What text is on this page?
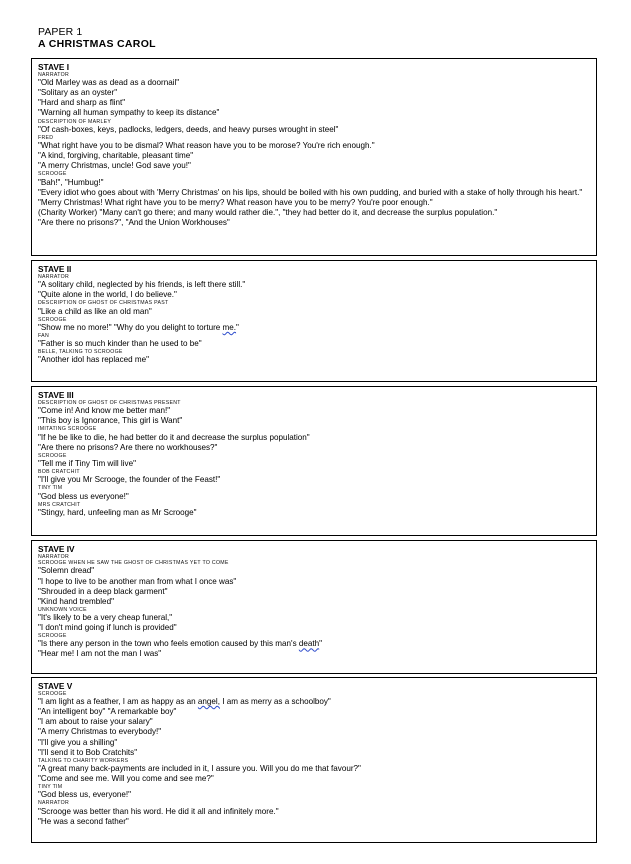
PAPER 1
A CHRISTMAS CAROL
STAVE I
NARRATOR
"Old Marley was as dead as a doornail"
"Solitary as an oyster"
"Hard and sharp as flint"
"Warning all human sympathy to keep its distance"
DESCRIPTION OF MARLEY
"Of cash-boxes, keys, padlocks, ledgers, deeds, and heavy purses wrought in steel"
FRED
"What right have you to be dismal? What reason have you to be morose? You're rich enough."
"A kind, forgiving, charitable, pleasant time"
"A merry Christmas, uncle! God save you!"
SCROOGE
"Bah!", "Humbug!"
"Every idiot who goes about with 'Merry Christmas' on his lips, should be boiled with his own pudding, and buried with a stake of holly through his heart."
"Merry Christmas! What right have you to be merry? What reason have you to be merry? You're poor enough."
(Charity Worker) "Many can't go there; and many would rather die.", "they had better do it, and decrease the surplus population."
"Are there no prisons?", "And the Union Workhouses"
STAVE II
NARRATOR
"A solitary child, neglected by his friends, is left there still."
"Quite alone in the world, I do believe."
DESCRIPTION OF GHOST OF CHRISTMAS PAST
"Like a child as like an old man"
SCROOGE
"Show me no more!" "Why do you delight to torture me."
FAN
"Father is so much kinder than he used to be"
BELLE, TALKING TO SCROOGE
"Another idol has replaced me"
STAVE III
DESCRIPTION OF GHOST OF CHRISTMAS PRESENT
"Come in! And know me better man!"
"This boy is Ignorance, This girl is Want"
IMITATING SCROOGE
"If he be like to die, he had better do it and decrease the surplus population"
"Are there no prisons? Are there no workhouses?"
SCROOGE
"Tell me if Tiny Tim will live"
BOB CRATCHIT
"I'll give you Mr Scrooge, the founder of the Feast!"
TINY TIM
"God bless us everyone!"
MRS CRATCHIT
"Stingy, hard, unfeeling man as Mr Scrooge"
STAVE IV
NARRATOR
SCROOGE WHEN HE SAW THE GHOST OF CHRISTMAS YET TO COME
"Solemn dread"
"I hope to live to be another man from what I once was"
"Shrouded in a deep black garment"
"Kind hand trembled"
UNKNOWN VOICE
"It's likely to be a very cheap funeral,"
"I don't mind going if lunch is provided"
SCROOGE
"Is there any person in the town who feels emotion caused by this man's death"
"Hear me! I am not the man I was"
STAVE V
SCROOGE
"I am light as a feather, I am as happy as an angel, I am as merry as a schoolboy"
"An intelligent boy" "A remarkable boy"
"I am about to raise your salary"
"A merry Christmas to everybody!"
"I'll give you a shilling"
"I'll send it to Bob Cratchits"
TALKING TO CHARITY WORKERS
"A great many back-payments are included in it, I assure you. Will you do me that favour?"
"Come and see me. Will you come and see me?"
TINY TIM
"God bless us, everyone!"
NARRATOR
"Scrooge was better than his word. He did it all and infinitely more."
"He was a second father"
